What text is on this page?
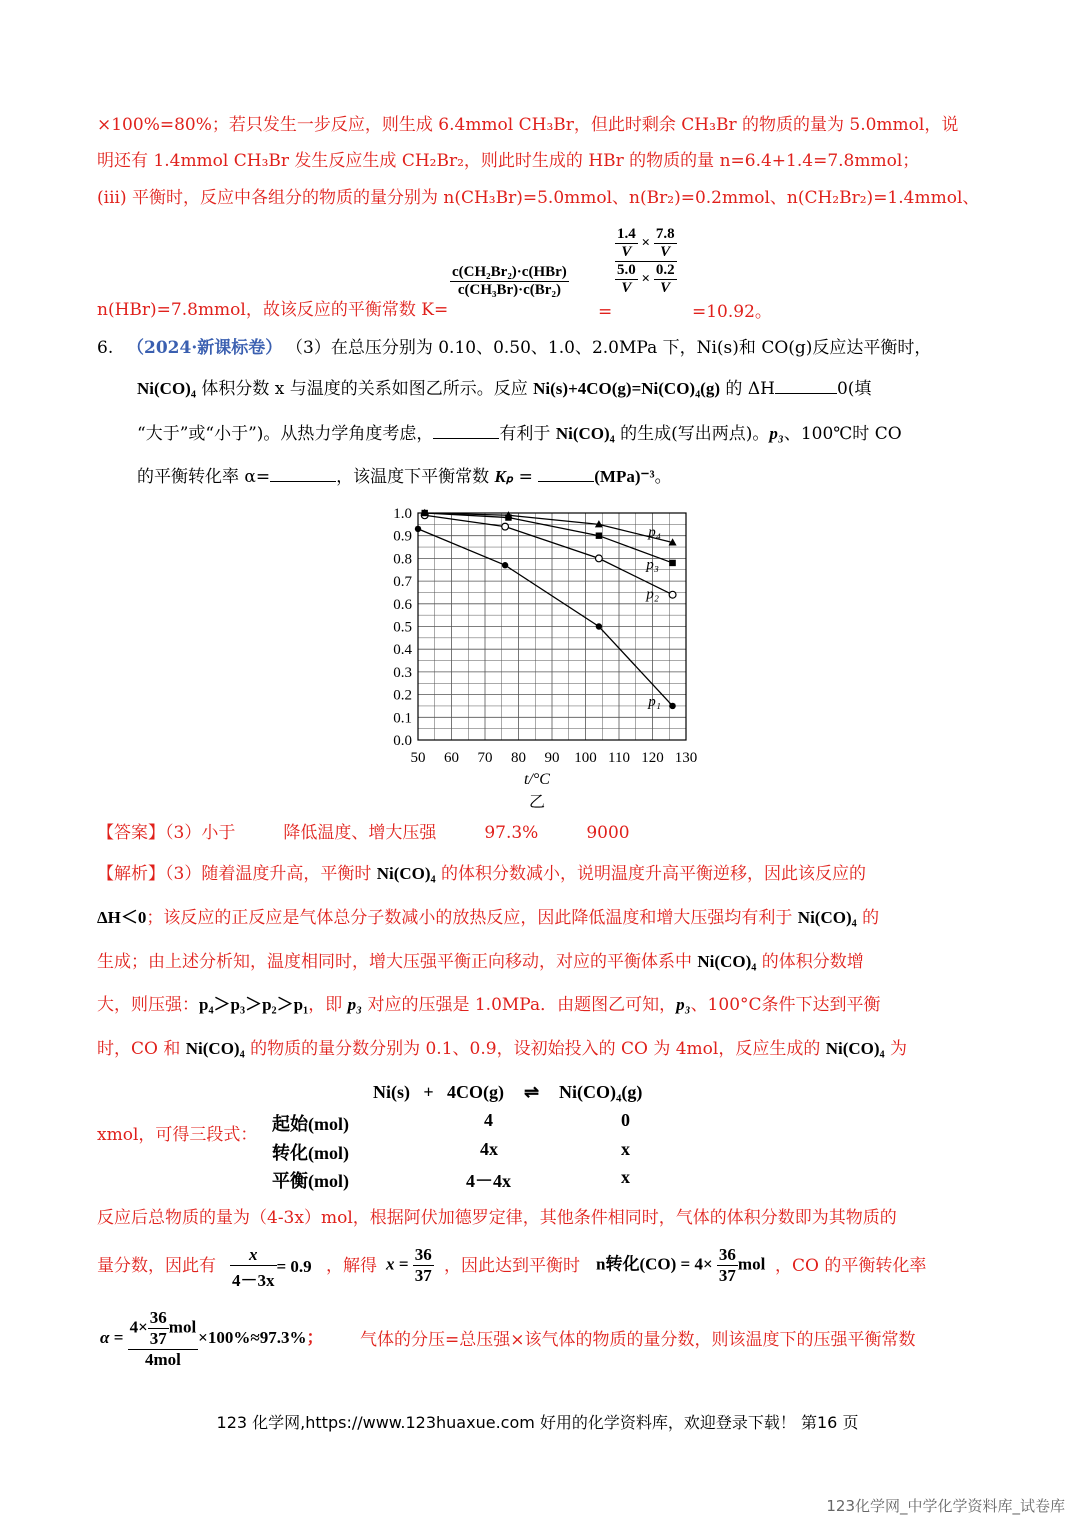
×100%=80%；若只发生一步反应，则生成 6.4mmol CH₃Br，但此时剩余 CH₃Br 的物质的量为 5.0mmol，说
明还有 1.4mmol CH₃Br 发生反应生成 CH₂Br₂，则此时生成的 HBr 的物质的量 n=6.4+1.4=7.8mmol；
(iii) 平衡时，反应中各组分的物质的量分别为 n(CH₃Br)=5.0mmol、n(Br₂)=0.2mmol、n(CH₂Br₂)=1.4mmol、
n(HBr)=7.8mmol，故该反应的平衡常数 K=
$\frac{\text{c(CH₂Br₂)·c(HBr)}}{\text{c(CH₃Br)·c(Br₂)}}$
=
$\frac{\frac{1.4}{V} \times \frac{7.8}{V}}{\frac{5.0}{V} \times \frac{0.2}{V}}$
=10.92。
6. （2024·新课标卷） （3）在总压分别为 0.10、0.50、1.0、2.0MPa 下，Ni(s)和 CO(g)反应达平衡时，
Ni(CO)₄ 体积分数 x 与温度的关系如图乙所示。反应 Ni(s)+4CO(g)=Ni(CO)₄(g) 的 ΔH	0(填
“大于”或“小于”)。从热力学角度考虑，	有利于 Ni(CO)₄ 的生成(写出两点)。p₃、100℃时 CO
的平衡转化率 α=	，该温度下平衡常数 Kₚ =	(MPa)⁻³。
50 60 70 80 90 100 110 120 130
0.0
0.1
0.2
0.3
0.4
0.5
0.6
0.7
0.8
0.9
1.0
t/°C
乙
p₁
p₂
p₃
p₄
【答案】（3）小于	降低温度、增大压强	97.3%	9000
【解析】（3）随着温度升高，平衡时 Ni(CO)₄ 的体积分数减小，说明温度升高平衡逆移，因此该反应的
ΔH＜0；该反应的正反应是气体总分子数减小的放热反应，因此降低温度和增大压强均有利于 Ni(CO)₄ 的
生成；由上述分析知，温度相同时，增大压强平衡正向移动，对应的平衡体系中 Ni(CO)₄ 的体积分数增
大，则压强：p₄＞p₃＞p₂＞p₁，即 p₃ 对应的压强是 1.0MPa．由题图乙可知，p₃、100°C条件下达到平衡
时，CO 和 Ni(CO)₄ 的物质的量分数分别为 0.1、0.9，设初始投入的 CO 为 4mol，反应生成的 Ni(CO)₄ 为
Ni(s) + 4CO(g) ⇌ Ni(CO)₄(g)
xmol，可得三段式：
起始(mol)	4	0
转化(mol)	4x	x
平衡(mol)	4－4x	x
反应后总物质的量为（4-3x）mol，根据阿伏加德罗定律，其他条件相同时，气体的体积分数即为其物质的
量分数，因此有 $\frac{x}{4-3x} = 0.9$ ，解得 $x = \frac{36}{37}$ ，因此达到平衡时 n转化$(CO) = 4\times \frac{36}{37}$ mol ，CO 的平衡转化率
$\alpha = \frac{4\times \frac{36}{37} mol}{\text{4mol}} \times 100\%\approx 97.3\%$； 气体的分压=总压强×该气体的物质的量分数，则该温度下的压强平衡常数
123 化学网,https://www.123huaxue.com 好用的化学资料库，欢迎登录下载！ 第16 页
123化学网_中学化学资料库_试卷库
